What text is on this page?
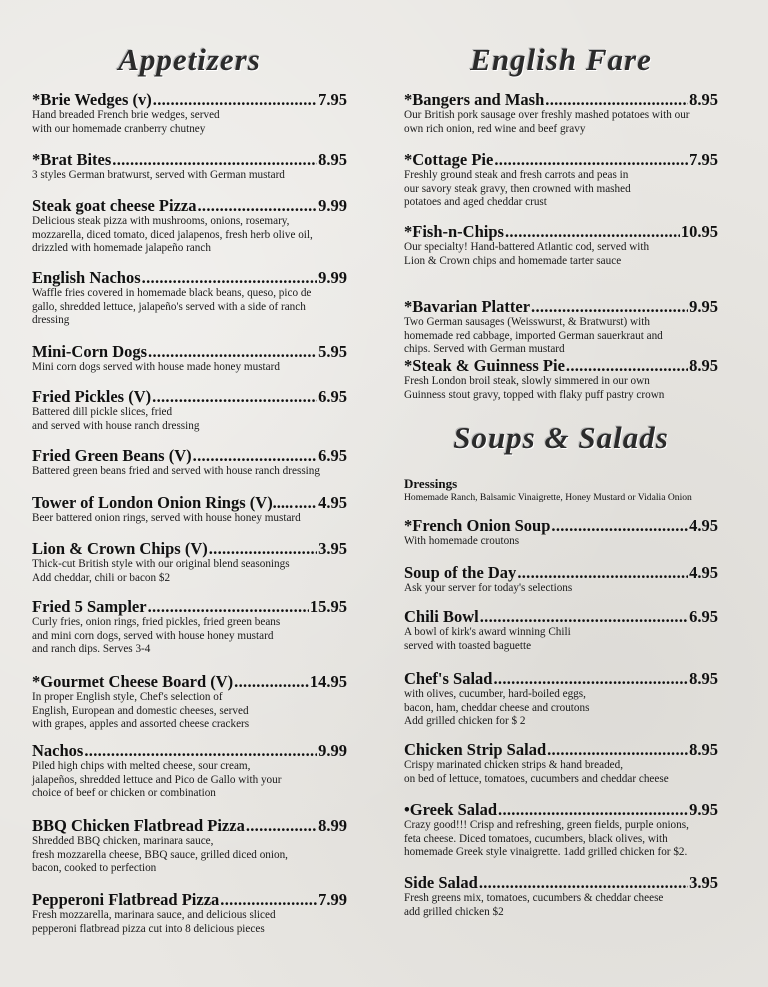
Appetizers
*Brie Wedges (v) .....	7.95
Hand breaded French brie wedges, served
with our homemade cranberry chutney
*Brat Bites .....	8.95
3 styles German bratwurst, served with German mustard
Steak goat cheese Pizza .....	9.99
Delicious steak pizza with mushrooms, onions, rosemary,
mozzarella, diced tomato, diced jalapenos, fresh herb olive oil,
drizzled with homemade jalapeño ranch
English Nachos .....	9.99
Waffle fries covered in homemade black beans, queso, pico de
gallo, shredded lettuce, jalapeño's served with a side of ranch
dressing
Mini-Corn Dogs .....	5.95
Mini corn dogs served with house made honey mustard
Fried Pickles (V) .....	6.95
Battered dill pickle slices, fried
and served with house ranch dressing
Fried Green Beans (V) .....	6.95
Battered green beans fried and served with house ranch dressing
Tower of London Onion Rings (V)..... ..... 4.95
Beer battered onion rings, served with house honey mustard
Lion & Crown Chips (V) .....	3.95
Thick-cut British style with our original blend seasonings
Add cheddar, chili or bacon $2
Fried 5 Sampler .....	15.95
Curly fries, onion rings, fried pickles, fried green beans
and mini corn dogs, served with house honey mustard
and ranch dips. Serves 3-4
*Gourmet Cheese Board (V) .....	14.95
In proper English style, Chef's selection of
English, European and domestic cheeses, served
with grapes, apples and assorted cheese crackers
Nachos .....	9.99
Piled high chips with melted cheese, sour cream,
jalapeños, shredded lettuce and Pico de Gallo with your
choice of beef or chicken or combination
BBQ Chicken Flatbread Pizza .....	8.99
Shredded BBQ chicken, marinara sauce,
fresh mozzarella cheese, BBQ sauce, grilled diced onion,
bacon, cooked to perfection
Pepperoni Flatbread Pizza .....	7.99
Fresh mozzarella, marinara sauce, and delicious sliced
pepperoni flatbread pizza cut into 8 delicious pieces
English Fare
Soups & Salads
Dressings
Homemade Ranch, Balsamic Vinaigrette, Honey Mustard or Vidalia Onion
*Bangers and Mash .....	8.95
Our British pork sausage over freshly mashed potatoes with our
own rich onion, red wine and beef gravy
*Cottage Pie .....	7.95
Freshly ground steak and fresh carrots and peas in
our savory steak gravy, then crowned with mashed
potatoes and aged cheddar crust
*Fish-n-Chips .....	10.95
Our specialty! Hand-battered Atlantic cod, served with
Lion & Crown chips and homemade tarter sauce
*Bavarian Platter .....	9.95
Two German sausages (Weisswurst, & Bratwurst) with
homemade red cabbage, imported German sauerkraut and
chips. Served with German mustard
*Steak & Guinness Pie .....	8.95
Fresh London broil steak, slowly simmered in our own
Guinness stout gravy, topped with flaky puff pastry crown
*French Onion Soup .....	4.95
With homemade croutons
Soup of the Day .....	4.95
Ask your server for today's selections
Chili Bowl .....	6.95
A bowl of kirk's award winning Chili
served with toasted baguette
Chef's Salad .....	8.95
with olives, cucumber, hard-boiled eggs,
bacon, ham, cheddar cheese and croutons
Add grilled chicken for $ 2
Chicken Strip Salad .....	8.95
Crispy marinated chicken strips & hand breaded,
on bed of lettuce, tomatoes, cucumbers and cheddar cheese
•Greek Salad .....	9.95
Crazy good!!! Crisp and refreshing, green fields, purple onions,
feta cheese. Diced tomatoes, cucumbers, black olives, with
homemade Greek style vinaigrette. 1add grilled chicken for $2.
Side Salad .....	3.95
Fresh greens mix, tomatoes, cucumbers & cheddar cheese
add grilled chicken $2
